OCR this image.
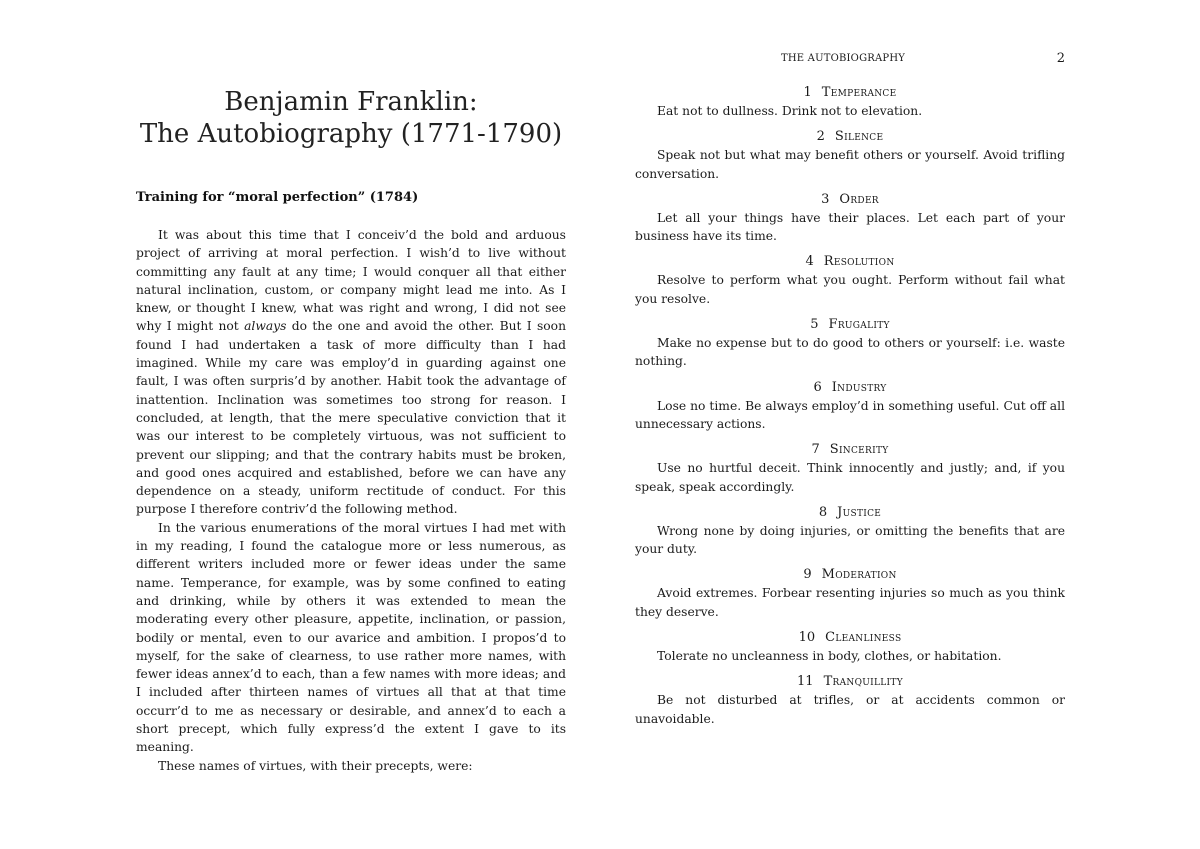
Benjamin Franklin:
The Autobiography (1771-1790)
Training for “moral perfection” (1784)

It was about this time that I conceiv’d the bold and arduous project of arriving at moral perfection. I wish’d to live without committing any fault at any time; I would conquer all that either natural inclination, custom, or company might lead me into. As I knew, or thought I knew, what was right and wrong, I did not see why I might not always do the one and avoid the other. But I soon found I had undertaken a task of more difficulty than I had imagined. While my care was employ’d in guarding against one fault, I was often surpris’d by another. Habit took the advantage of inattention. Inclination was sometimes too strong for reason. I concluded, at length, that the mere speculative conviction that it was our interest to be completely virtuous, was not sufficient to prevent our slipping; and that the contrary habits must be broken, and good ones acquired and established, before we can have any dependence on a steady, uniform rectitude of conduct. For this purpose I therefore contriv’d the following method.

In the various enumerations of the moral virtues I had met with in my reading, I found the catalogue more or less numerous, as different writers included more or fewer ideas under the same name. Temperance, for example, was by some confined to eating and drinking, while by others it was extended to mean the moderating every other pleasure, appetite, inclination, or passion, bodily or mental, even to our avarice and ambition. I propos’d to myself, for the sake of clearness, to use rather more names, with fewer ideas annex’d to each, than a few names with more ideas; and I included after thirteen names of virtues all that at that time occurr’d to me as necessary or desirable, and annex’d to each a short precept, which fully express’d the extent I gave to its meaning.

These names of virtues, with their precepts, were:

THE AUTOBIOGRAPHY	2
1 Temperance
Eat not to dullness. Drink not to elevation.
2 Silence
Speak not but what may benefit others or yourself. Avoid trifling conversation.
3 Order
Let all your things have their places. Let each part of your business have its time.
4 Resolution
Resolve to perform what you ought. Perform without fail what you resolve.
5 Frugality
Make no expense but to do good to others or yourself: i.e. waste nothing.
6 Industry
Lose no time. Be always employ’d in something useful. Cut off all unnecessary actions.
7 Sincerity
Use no hurtful deceit. Think innocently and justly; and, if you speak, speak accordingly.
8 Justice
Wrong none by doing injuries, or omitting the benefits that are your duty.
9 Moderation
Avoid extremes. Forbear resenting injuries so much as you think they deserve.
10 Cleanliness
Tolerate no uncleanness in body, clothes, or habitation.
11 Tranquillity
Be not disturbed at trifles, or at accidents common or unavoidable.
